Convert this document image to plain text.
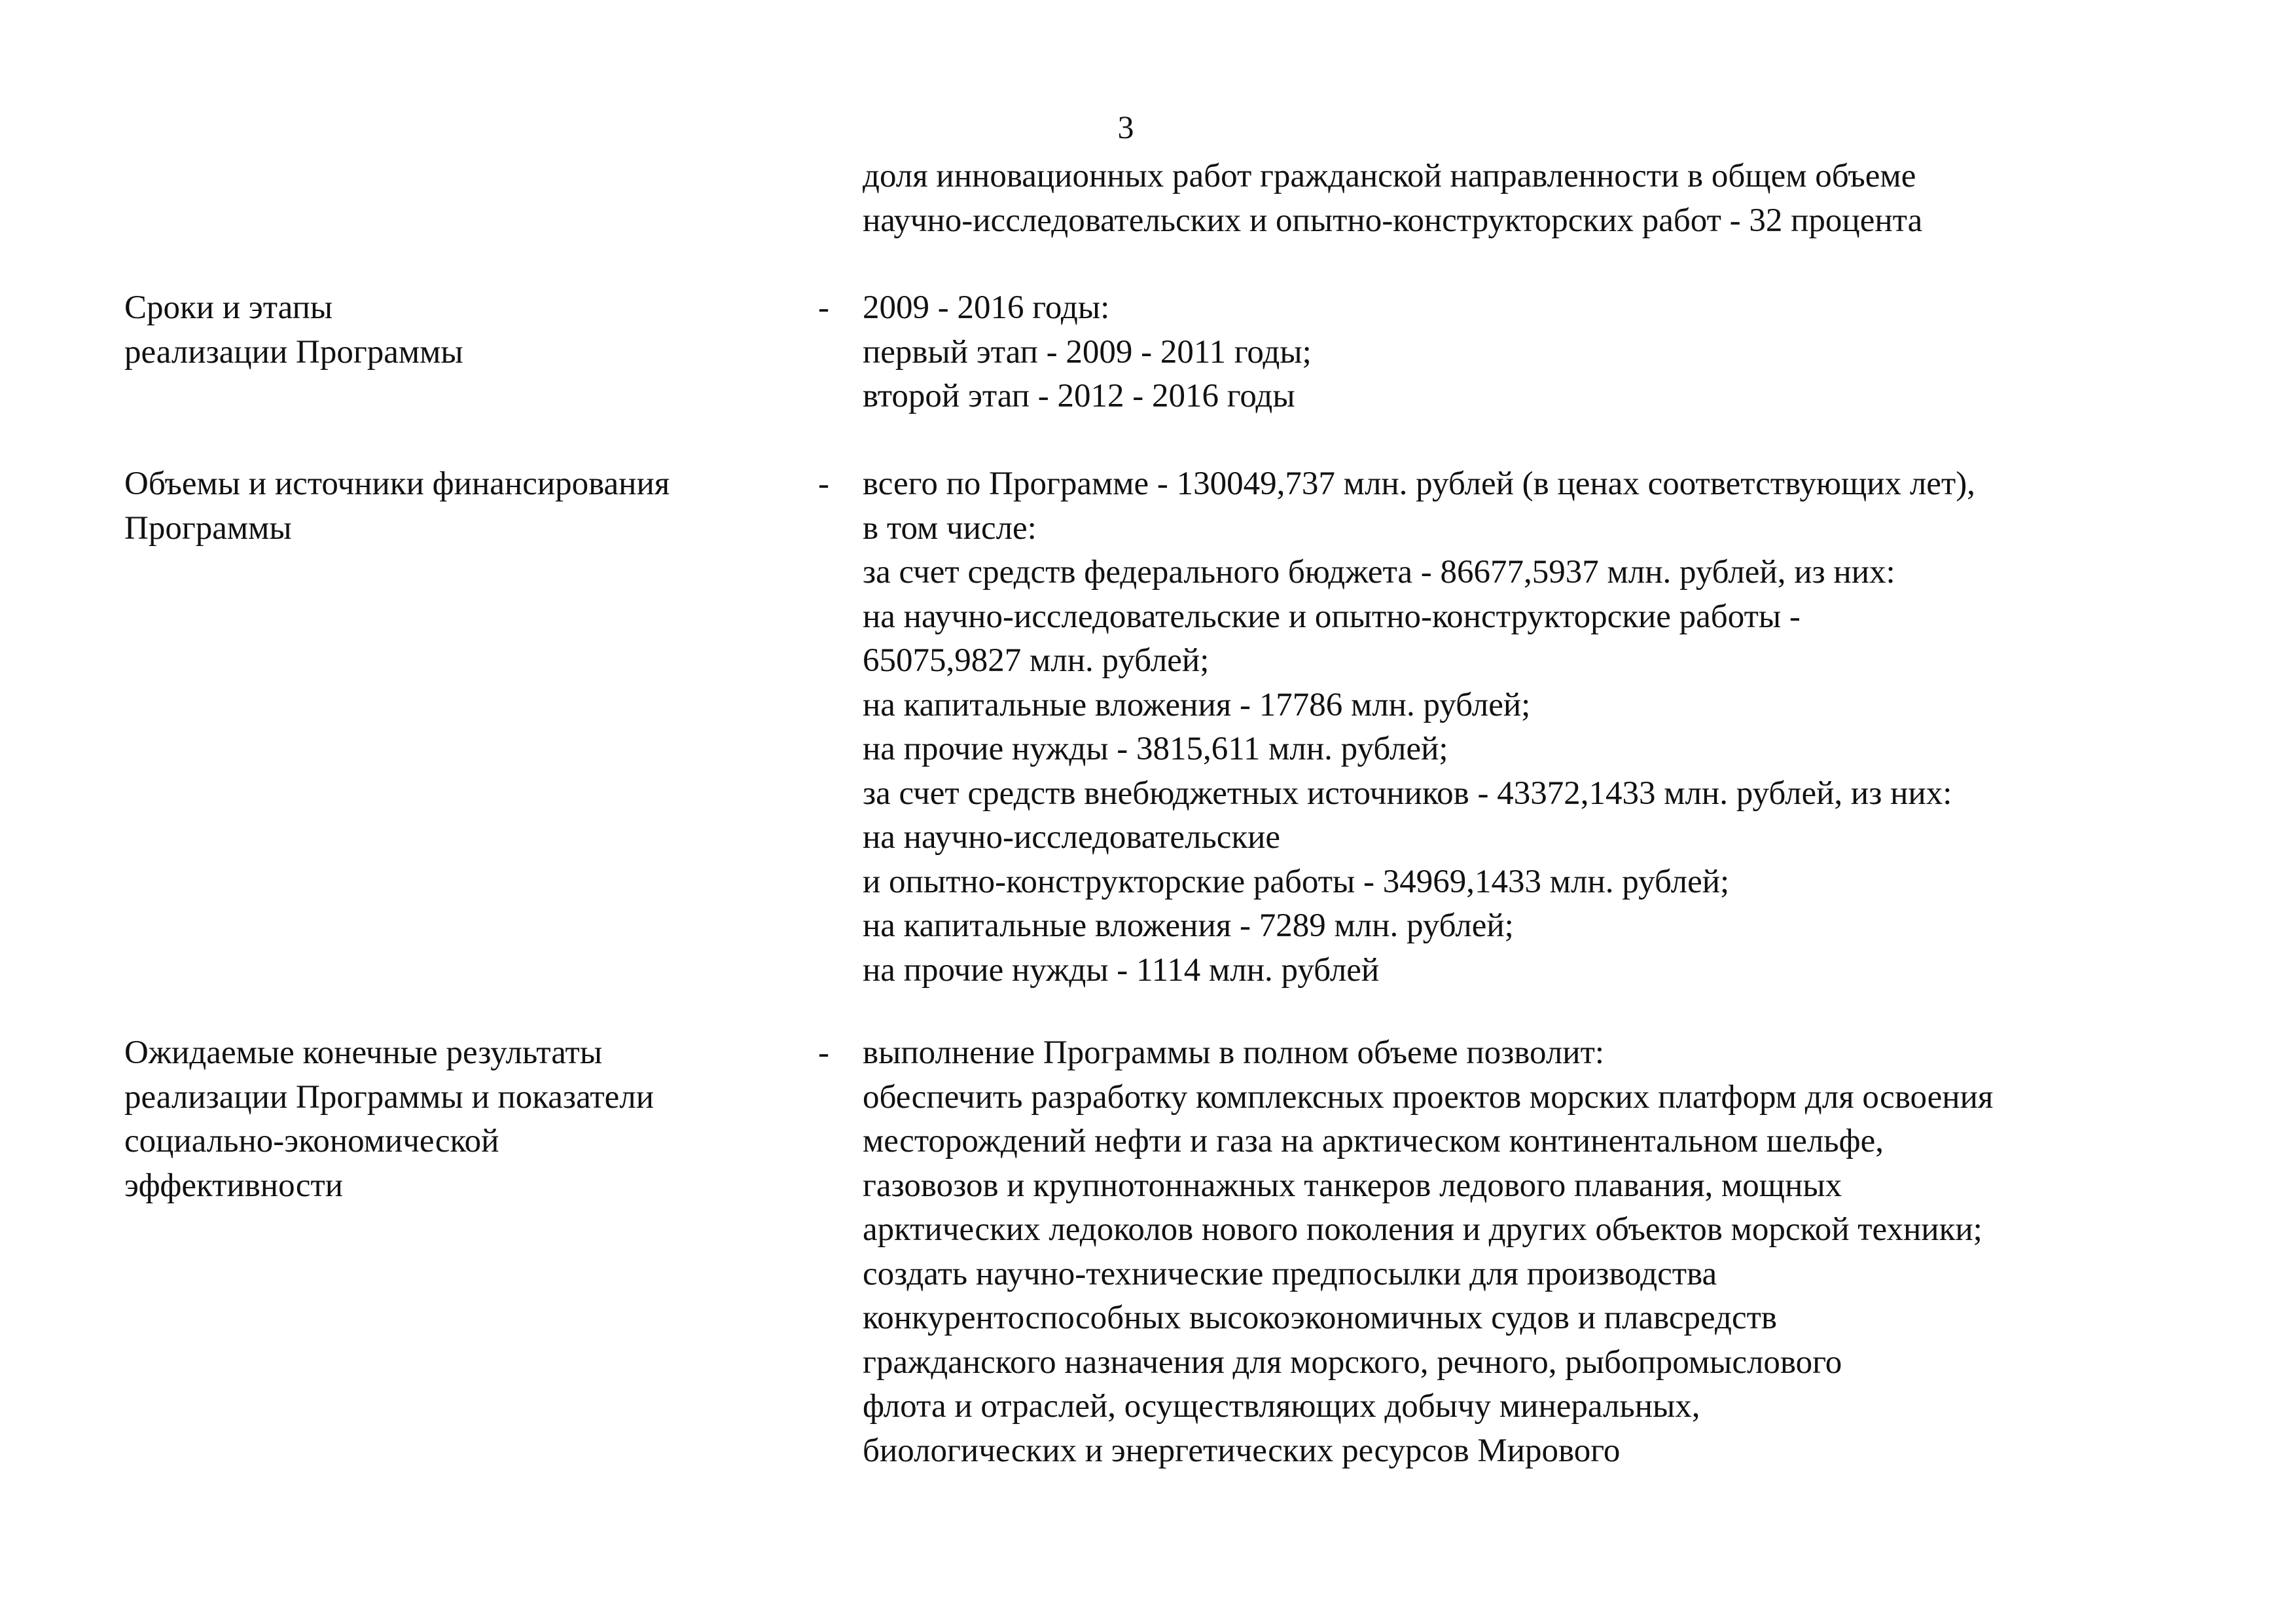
3

доля инновационных работ гражданской направленности в общем объеме

научно-исследовательских и опытно-конструкторских работ - 32 процента

Сроки и этапы

реализации Программы

- 2009 - 2016 годы:

первый этап - 2009 - 2011 годы;

второй этап - 2012 - 2016 годы

Объемы и источники финансирования

Программы

- всего по Программе - 130049,737 млн. рублей (в ценах соответствующих лет),

в том числе:

за счет средств федерального бюджета - 86677,5937 млн. рублей, из них:

на научно-исследовательские и опытно-конструкторские работы -

65075,9827 млн. рублей;

на капитальные вложения - 17786 млн. рублей;

на прочие нужды - 3815,611 млн. рублей;

за счет средств внебюджетных источников - 43372,1433 млн. рублей, из них:

на научно-исследовательские

и опытно-конструкторские работы - 34969,1433 млн. рублей;

на капитальные вложения - 7289 млн. рублей;

на прочие нужды - 1114 млн. рублей

Ожидаемые конечные результаты

реализации Программы и показатели

социально-экономической

эффективности

- выполнение Программы в полном объеме позволит:

обеспечить разработку комплексных проектов морских платформ для освоения

месторождений нефти и газа на арктическом континентальном шельфе,

газовозов и крупнотоннажных танкеров ледового плавания, мощных

арктических ледоколов нового поколения и других объектов морской техники;

создать научно-технические предпосылки для производства

конкурентоспособных высокоэкономичных судов и плавсредств

гражданского назначения для морского, речного, рыбопромыслового

флота и отраслей, осуществляющих добычу минеральных,

биологических и энергетических ресурсов Мирового
